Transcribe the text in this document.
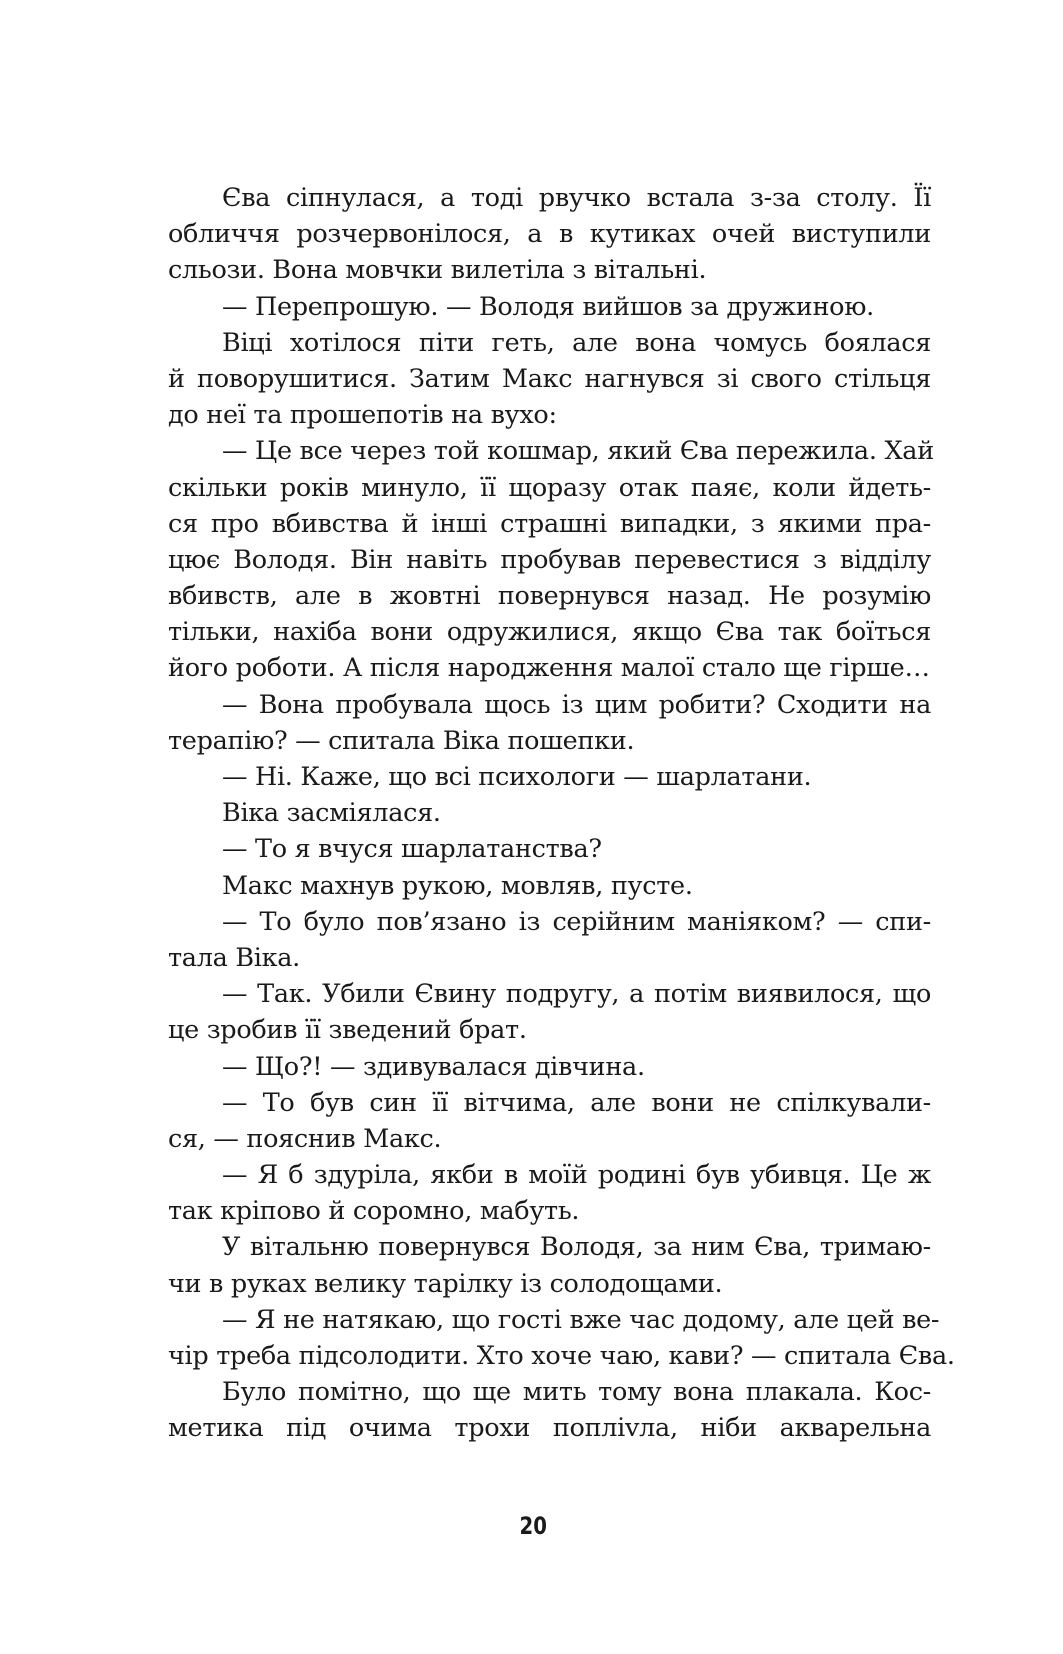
Єва сіпнулася, а тоді рвучко встала з-за столу. Її
обличчя розчервонілося, а в кутиках очей виступили
сльози. Вона мовчки вилетіла з вітальні.
— Перепрошую. — Володя вийшов за дружиною.
Віці хотілося піти геть, але вона чомусь боялася
й поворушитися. Затим Макс нагнувся зі свого стільця
до неї та прошепотів на вухо:
— Це все через той кошмар, який Єва пережила. Хай
скільки років минуло, її щоразу отак паяє, коли йдеть-
ся про вбивства й інші страшні випадки, з якими пра-
цює Володя. Він навіть пробував перевестися з відділу
вбивств, але в жовтні повернувся назад. Не розумію
тільки, нахіба вони одружилися, якщо Єва так боїться
його роботи. А після народження малої стало ще гірше…
— Вона пробувала щось із цим робити? Сходити на
терапію? — спитала Віка пошепки.
— Ні. Каже, що всі психологи — шарлатани.
Віка засміялася.
— То я вчуся шарлатанства?
Макс махнув рукою, мовляв, пусте.
— То було пов’язано із серійним маніяком? — спи-
тала Віка.
— Так. Убили Євину подругу, а потім виявилося, що
це зробив її зведений брат.
— Що?! — здивувалася дівчина.
— То був син її вітчима, але вони не спілкували-
ся, — пояснив Макс.
— Я б здуріла, якби в моїй родині був убивця. Це ж
так кріпово й соромно, мабуть.
У вітальню повернувся Володя, за ним Єва, тримаю-
чи в руках велику тарілку із солодощами.
— Я не натякаю, що гості вже час додому, але цей ве-
чір треба підсолодити. Хто хоче чаю, кави? — спитала Єва.
Було помітно, що ще мить тому вона плакала. Кос-
метика під очима трохи поплivла, ніби акварельна
20
